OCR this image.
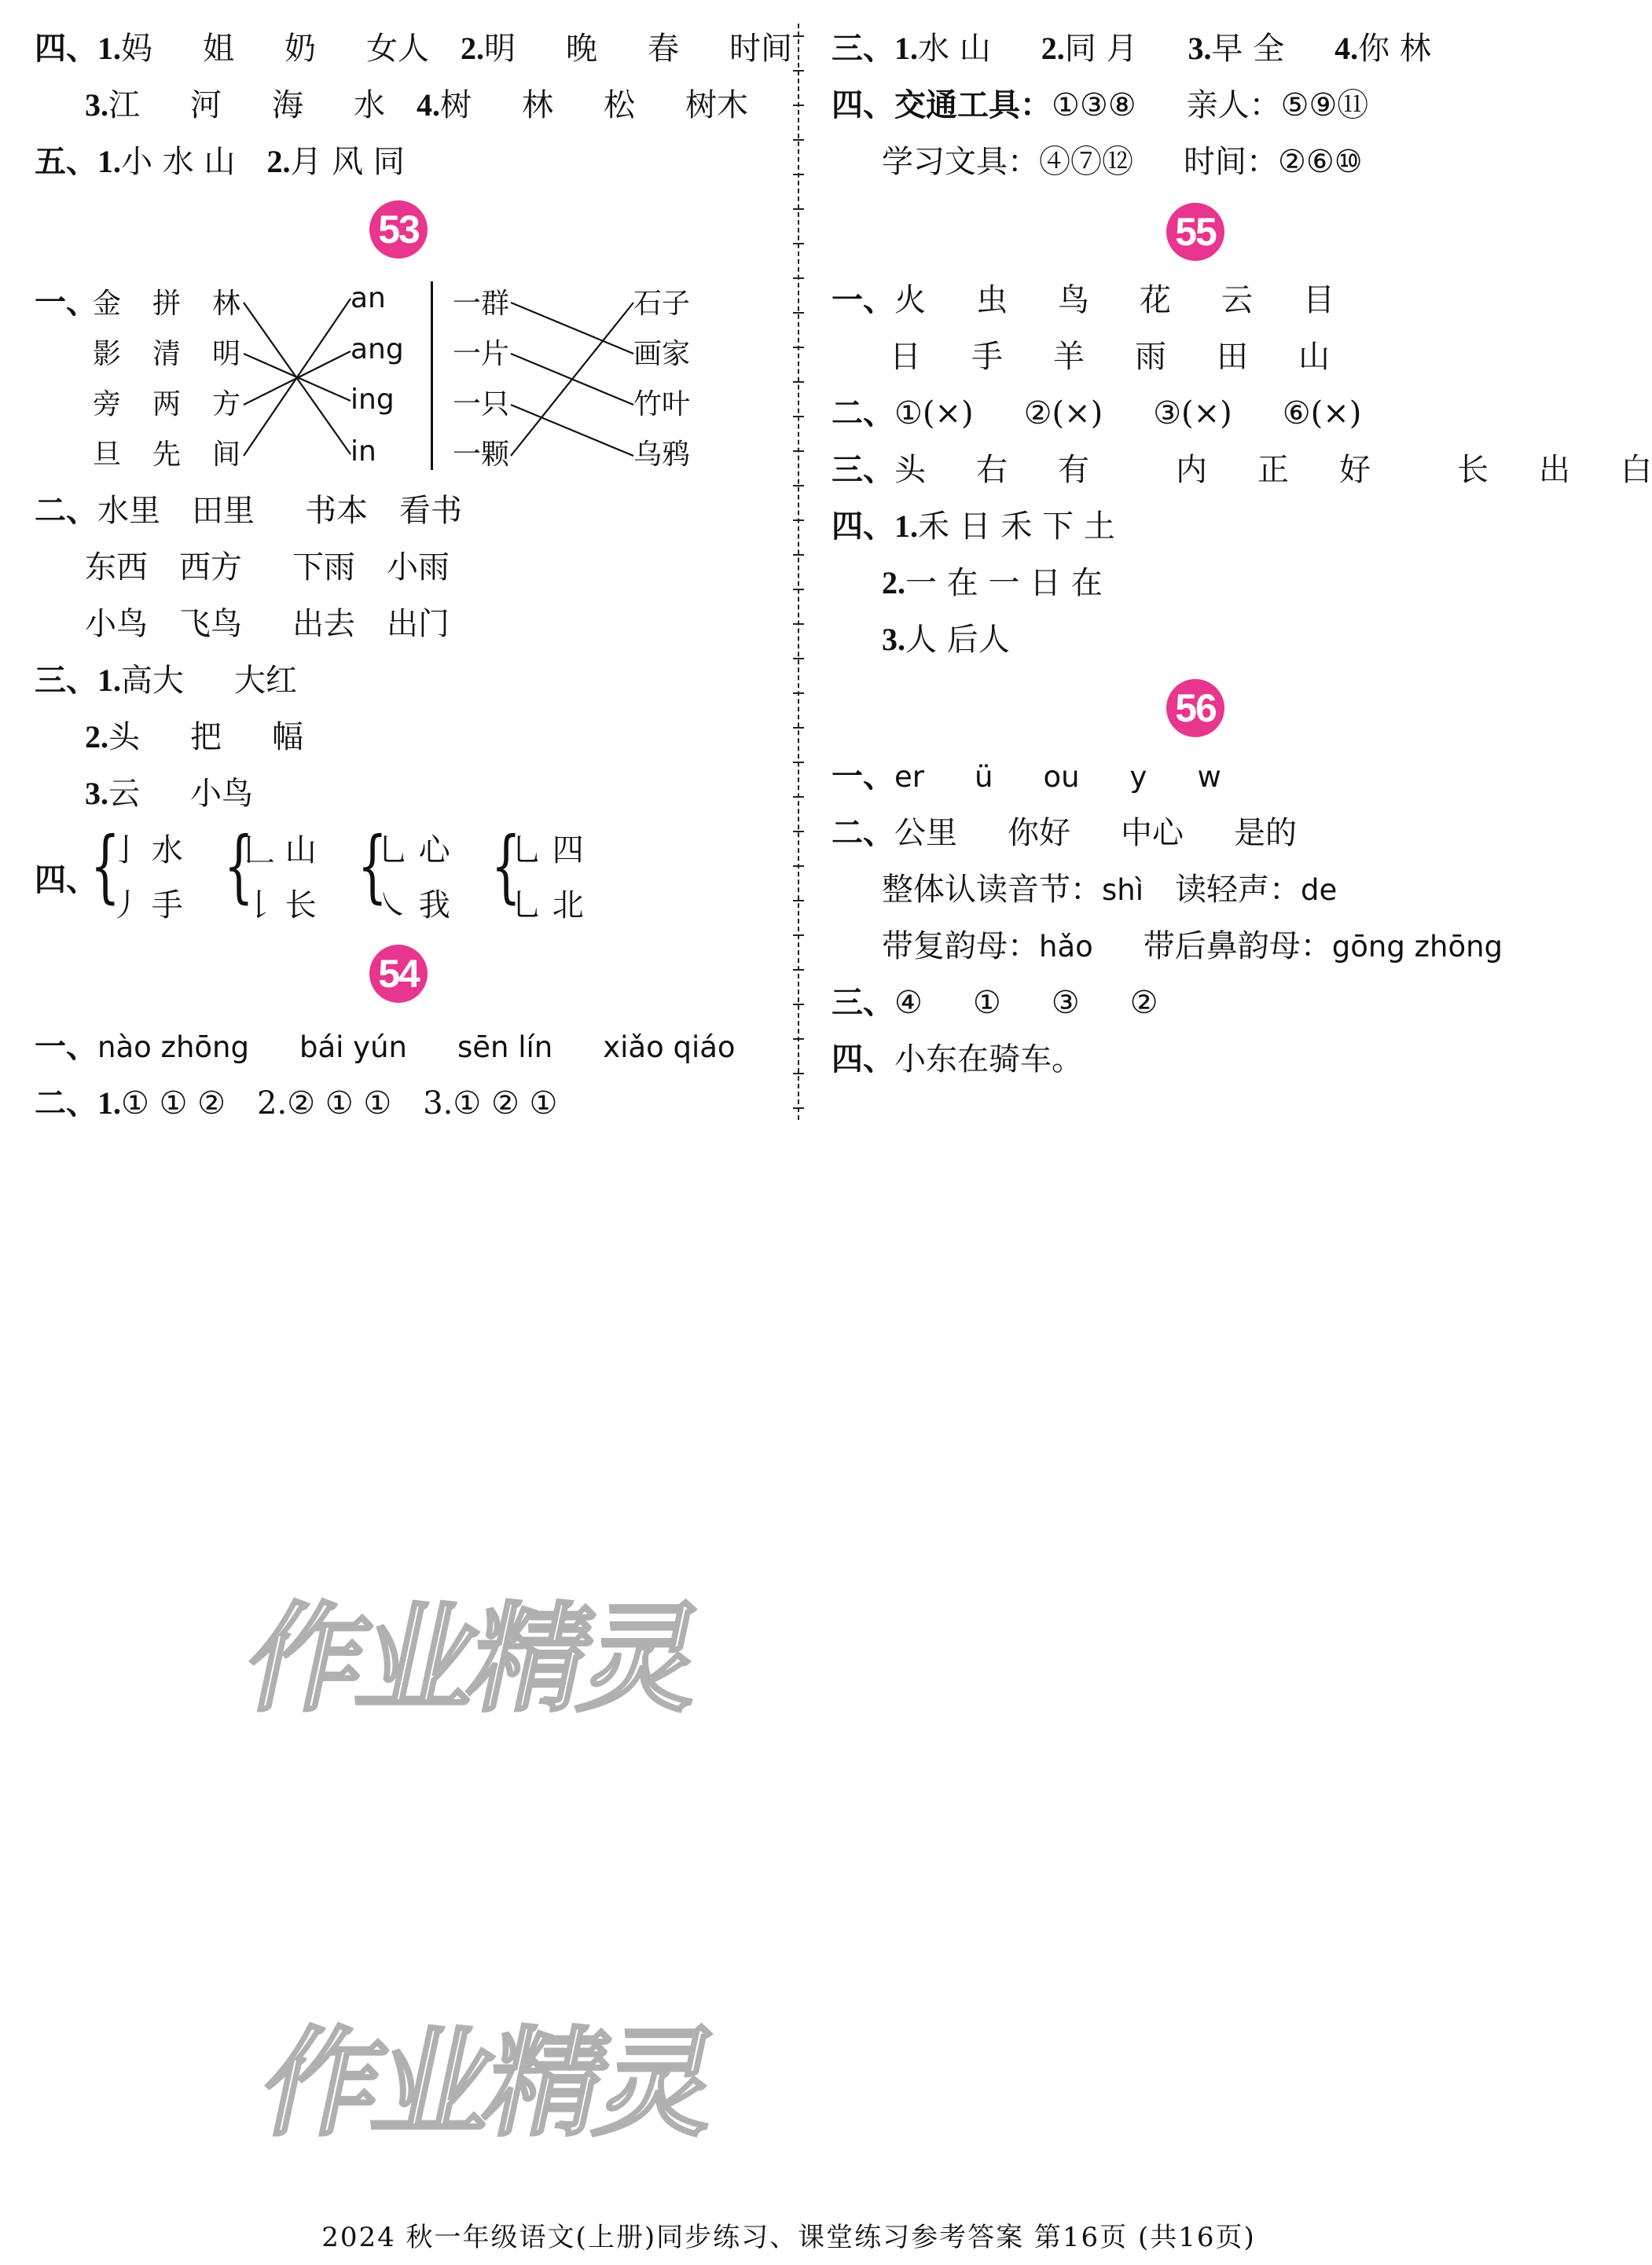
四、1.妈 姐 奶 女人 2.明 晚 春 时间
3.江 河 海 水 4.树 林 松 树木
五、1.小 水 山 2.月 风 同
53
一、
金 拼 林
影 清 明
旁 两 方
旦 先 间
an
ang
ing
in
一群
一片
一只
一颗
石子
画家
竹叶
乌鸦
二、水里 田里 书本 看书
东西 西方 下雨 小雨
小鸟 飞鸟 出去 出门
三、1.高大 大红
2.头 把 幅
3.云 小鸟
四、
{
亅 水
丿 手 {
𠃊 山
𠄌 长 {
乚 心
㇏ 我 {
乚 四
乚 北
54
一、nào zhōng bái yún sēn lín xiǎo qiáo
二、1.① ① ② 2.② ① ① 3.① ② ①
三、1.水 山 2.同 月 3.早 全 4.你 林
四、交通工具：①③⑧ 亲人：⑤⑨⑪
学习文具：④⑦⑫ 时间：②⑥⑩
55
一、火 虫 鸟 花 云 目
日 手 羊 雨 田 山
二、①(×) ②(×) ③(×) ⑥(×)
三、头 右 有	内 正 好	长 出 白
四、1.禾 日 禾 下 土
2.一 在 一 日 在
3.人 后人
56
一、er ü ou y w
二、公里 你好 中心 是的
整体认读音节：shì 读轻声：de
带复韵母：hǎo 带后鼻韵母：gōng zhōng
三、④ ① ③ ②
四、小东在骑车。
作业精灵
作业精灵
2024 秋一年级语文(上册)同步练习、课堂练习参考答案 第16页 (共16页)
